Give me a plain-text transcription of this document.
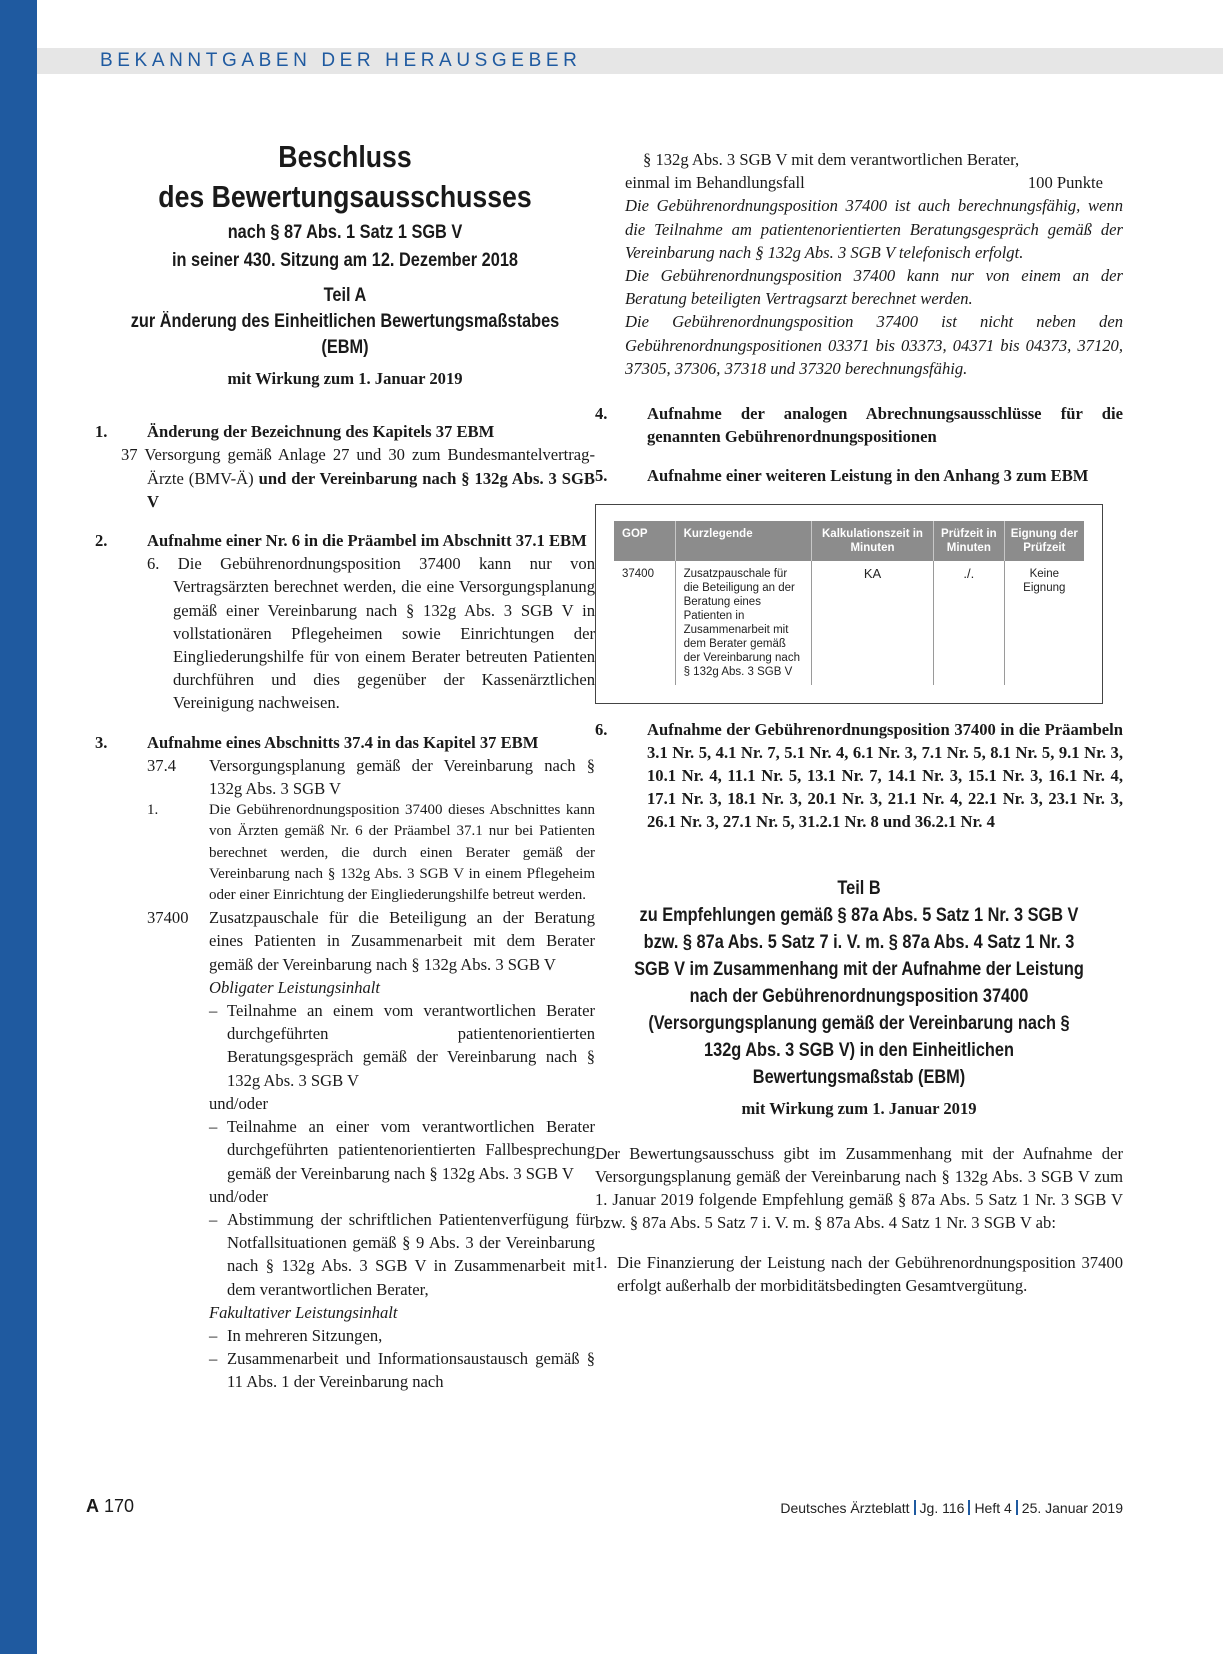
BEKANNTGABEN DER HERAUSGEBER
Beschluss
des Bewertungsausschusses
nach § 87 Abs. 1 Satz 1 SGB V
in seiner 430. Sitzung am 12. Dezember 2018
Teil A
zur Änderung des Einheitlichen Bewertungsmaßstabes (EBM)
mit Wirkung zum 1. Januar 2019
1.	Änderung der Bezeichnung des Kapitels 37 EBM
37 Versorgung gemäß Anlage 27 und 30 zum Bundesmantelvertrag-Ärzte (BMV-Ä) und der Vereinbarung nach § 132g Abs. 3 SGB V
2.	Aufnahme einer Nr. 6 in die Präambel im Abschnitt 37.1 EBM
6. Die Gebührenordnungsposition 37400 kann nur von Vertragsärzten berechnet werden, die eine Versorgungsplanung gemäß einer Vereinbarung nach § 132g Abs. 3 SGB V in vollstationären Pflegeheimen sowie Einrichtungen der Eingliederungshilfe für von einem Berater betreuten Patienten durchführen und dies gegenüber der Kassenärztlichen Vereinigung nachweisen.
3.	Aufnahme eines Abschnitts 37.4 in das Kapitel 37 EBM
37.4	Versorgungsplanung gemäß der Vereinbarung nach § 132g Abs. 3 SGB V
1.	Die Gebührenordnungsposition 37400 dieses Abschnittes kann von Ärzten gemäß Nr. 6 der Präambel 37.1 nur bei Patienten berechnet werden, die durch einen Berater gemäß der Vereinbarung nach § 132g Abs. 3 SGB V in einem Pflegeheim oder einer Einrichtung der Eingliederungshilfe betreut werden.
37400	Zusatzpauschale für die Beteiligung an der Beratung eines Patienten in Zusammenarbeit mit dem Berater gemäß der Vereinbarung nach § 132g Abs. 3 SGB V
Obligater Leistungsinhalt
– Teilnahme an einem vom verantwortlichen Berater durchgeführten patientenorientierten Beratungsgespräch gemäß der Vereinbarung nach § 132g Abs. 3 SGB V
und/oder
– Teilnahme an einer vom verantwortlichen Berater durchgeführten patientenorientierten Fallbesprechung gemäß der Vereinbarung nach § 132g Abs. 3 SGB V
und/oder
– Abstimmung der schriftlichen Patientenverfügung für Notfallsituationen gemäß § 9 Abs. 3 der Vereinbarung nach § 132g Abs. 3 SGB V in Zusammenarbeit mit dem verantwortlichen Berater,
Fakultativer Leistungsinhalt
– In mehreren Sitzungen,
– Zusammenarbeit und Informationsaustausch gemäß § 11 Abs. 1 der Vereinbarung nach
§ 132g Abs. 3 SGB V mit dem verantwortlichen Berater,
einmal im Behandlungsfall	100 Punkte
Die Gebührenordnungsposition 37400 ist auch berechnungsfähig, wenn die Teilnahme am patientenorientierten Beratungsgespräch gemäß der Vereinbarung nach § 132g Abs. 3 SGB V telefonisch erfolgt.
Die Gebührenordnungsposition 37400 kann nur von einem an der Beratung beteiligten Vertragsarzt berechnet werden.
Die Gebührenordnungsposition 37400 ist nicht neben den Gebührenordnungspositionen 03371 bis 03373, 04371 bis 04373, 37120, 37305, 37306, 37318 und 37320 berechnungsfähig.
4.	Aufnahme der analogen Abrechnungsausschlüsse für die genannten Gebührenordnungspositionen
5.	Aufnahme einer weiteren Leistung in den Anhang 3 zum EBM
GOP	Kurzlegende	Kalkulationszeit in Minuten	Prüfzeit in Minuten	Eignung der Prüfzeit
37400	Zusatzpauschale für die Beteiligung an der Beratung eines Patienten in Zusammenarbeit mit dem Berater gemäß der Vereinbarung nach § 132g Abs. 3 SGB V	KA	./.	Keine Eignung
6.	Aufnahme der Gebührenordnungsposition 37400 in die Präambeln 3.1 Nr. 5, 4.1 Nr. 7, 5.1 Nr. 4, 6.1 Nr. 3, 7.1 Nr. 5, 8.1 Nr. 5, 9.1 Nr. 3, 10.1 Nr. 4, 11.1 Nr. 5, 13.1 Nr. 7, 14.1 Nr. 3, 15.1 Nr. 3, 16.1 Nr. 4, 17.1 Nr. 3, 18.1 Nr. 3, 20.1 Nr. 3, 21.1 Nr. 4, 22.1 Nr. 3, 23.1 Nr. 3, 26.1 Nr. 3, 27.1 Nr. 5, 31.2.1 Nr. 8 und 36.2.1 Nr. 4
Teil B
zu Empfehlungen gemäß § 87a Abs. 5 Satz 1 Nr. 3 SGB V bzw. § 87a Abs. 5 Satz 7 i. V. m. § 87a Abs. 4 Satz 1 Nr. 3 SGB V im Zusammenhang mit der Aufnahme der Leistung nach der Gebührenordnungsposition 37400 (Versorgungsplanung gemäß der Vereinbarung nach § 132g Abs. 3 SGB V) in den Einheitlichen Bewertungsmaßstab (EBM)
mit Wirkung zum 1. Januar 2019
Der Bewertungsausschuss gibt im Zusammenhang mit der Aufnahme der Versorgungsplanung gemäß der Vereinbarung nach § 132g Abs. 3 SGB V zum 1. Januar 2019 folgende Empfehlung gemäß § 87a Abs. 5 Satz 1 Nr. 3 SGB V bzw. § 87a Abs. 5 Satz 7 i. V. m. § 87a Abs. 4 Satz 1 Nr. 3 SGB V ab:
1. Die Finanzierung der Leistung nach der Gebührenordnungsposition 37400 erfolgt außerhalb der morbiditätsbedingten Gesamtvergütung.
A 170	Deutsches Ärzteblatt Jg. 116 Heft 4 25. Januar 2019
